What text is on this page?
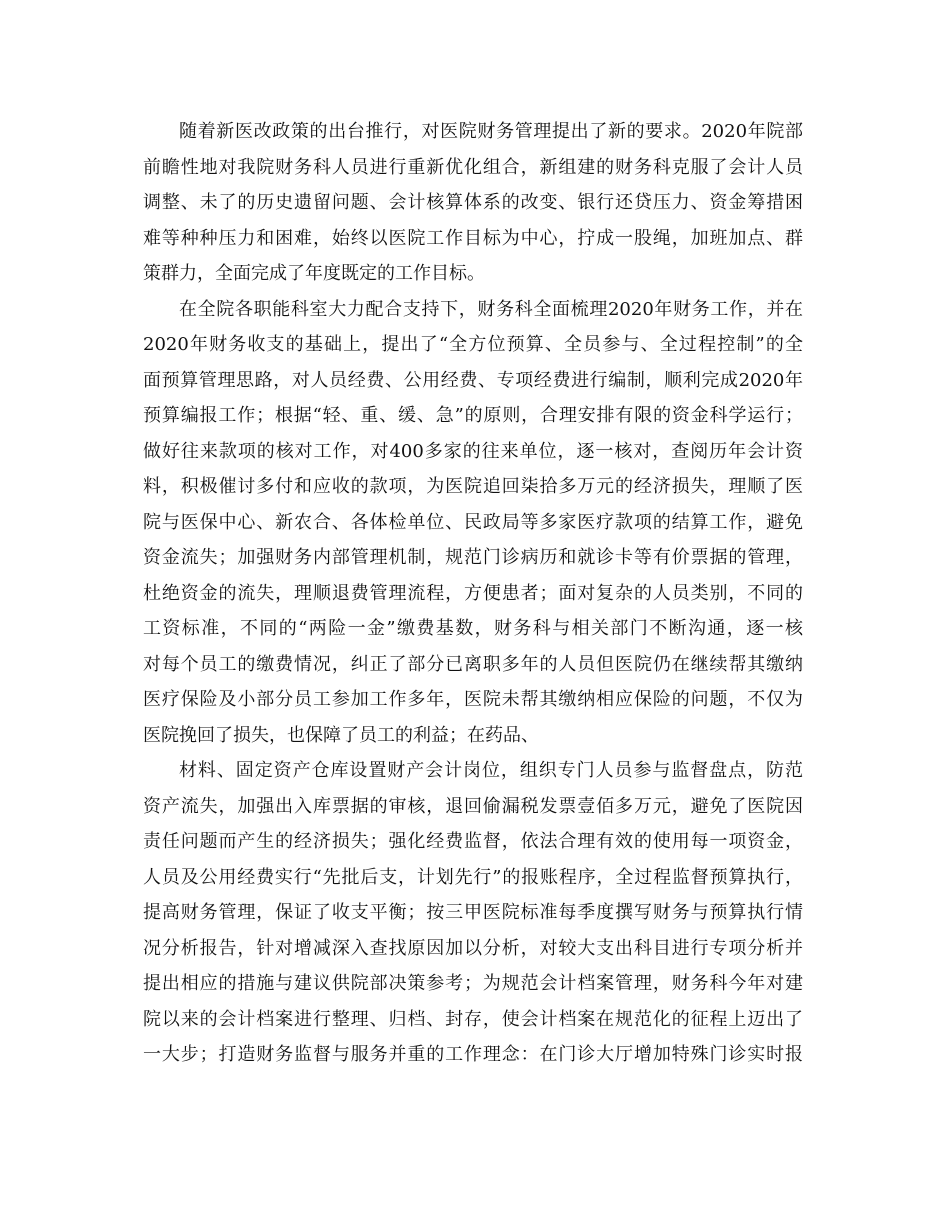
随着新医改政策的出台推行，对医院财务管理提出了新的要求。2020年院部
前瞻性地对我院财务科人员进行重新优化组合，新组建的财务科克服了会计人员
调整、未了的历史遗留问题、会计核算体系的改变、银行还贷压力、资金筹措困
难等种种压力和困难，始终以医院工作目标为中心，拧成一股绳，加班加点、群
策群力，全面完成了年度既定的工作目标。
在全院各职能科室大力配合支持下，财务科全面梳理2020年财务工作，并在
2020年财务收支的基础上，提出了“全方位预算、全员参与、全过程控制”的全
面预算管理思路，对人员经费、公用经费、专项经费进行编制，顺利完成2020年
预算编报工作；根据“轻、重、缓、急”的原则，合理安排有限的资金科学运行；
做好往来款项的核对工作，对400多家的往来单位，逐一核对，查阅历年会计资
料，积极催讨多付和应收的款项，为医院追回柒拾多万元的经济损失，理顺了医
院与医保中心、新农合、各体检单位、民政局等多家医疗款项的结算工作，避免
资金流失；加强财务内部管理机制，规范门诊病历和就诊卡等有价票据的管理，
杜绝资金的流失，理顺退费管理流程，方便患者；面对复杂的人员类别，不同的
工资标准，不同的“两险一金”缴费基数，财务科与相关部门不断沟通，逐一核
对每个员工的缴费情况，纠正了部分已离职多年的人员但医院仍在继续帮其缴纳
医疗保险及小部分员工参加工作多年，医院未帮其缴纳相应保险的问题，不仅为
医院挽回了损失，也保障了员工的利益；在药品、
材料、固定资产仓库设置财产会计岗位，组织专门人员参与监督盘点，防范
资产流失，加强出入库票据的审核，退回偷漏税发票壹佰多万元，避免了医院因
责任问题而产生的经济损失；强化经费监督，依法合理有效的使用每一项资金，
人员及公用经费实行“先批后支，计划先行”的报账程序，全过程监督预算执行，
提高财务管理，保证了收支平衡；按三甲医院标准每季度撰写财务与预算执行情
况分析报告，针对增减深入查找原因加以分析，对较大支出科目进行专项分析并
提出相应的措施与建议供院部决策参考；为规范会计档案管理，财务科今年对建
院以来的会计档案进行整理、归档、封存，使会计档案在规范化的征程上迈出了
一大步；打造财务监督与服务并重的工作理念：在门诊大厅增加特殊门诊实时报
